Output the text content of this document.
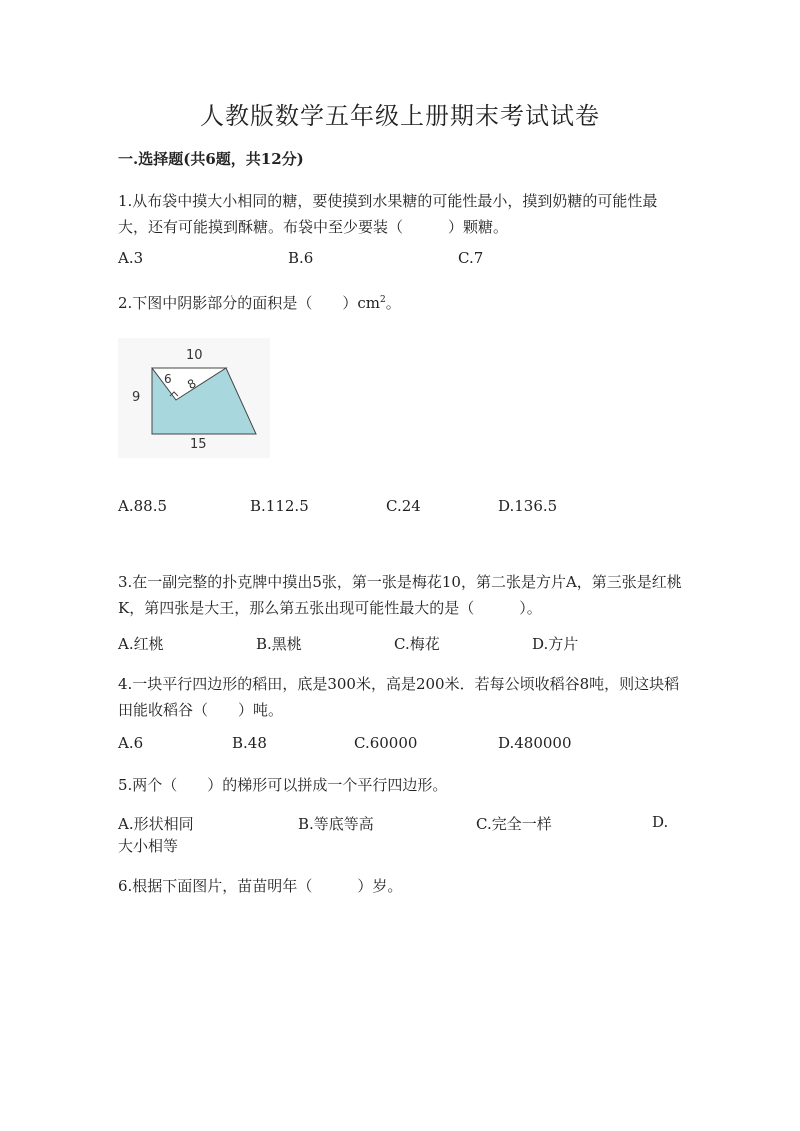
人教版数学五年级上册期末考试试卷
一.选择题(共6题，共12分)
1.从布袋中摸大小相同的糖，要使摸到水果糖的可能性最小，摸到奶糖的可能性最大，还有可能摸到酥糖。布袋中至少要装（　　　）颗糖。
A.3	B.6	C.7
2.下图中阴影部分的面积是（　　）$cm^2$。
10
9
15
6 8
A.88.5	B.112.5	C.24	D.136.5
3.在一副完整的扑克牌中摸出5张，第一张是梅花10，第二张是方片A，第三张是红桃K，第四张是大王，那么第五张出现可能性最大的是（　　　）。
A.红桃	B.黑桃	C.梅花	D.方片
4.一块平行四边形的稻田，底是300米，高是200米．若每公顷收稻谷8吨，则这块稻田能收稻谷（　　）吨。
A.6	B.48	C.60000	D.480000
5.两个（　　）的梯形可以拼成一个平行四边形。
A.形状相同	B.等底等高	C.完全一样	D.
大小相等
6.根据下面图片，苗苗明年（　　　）岁。
